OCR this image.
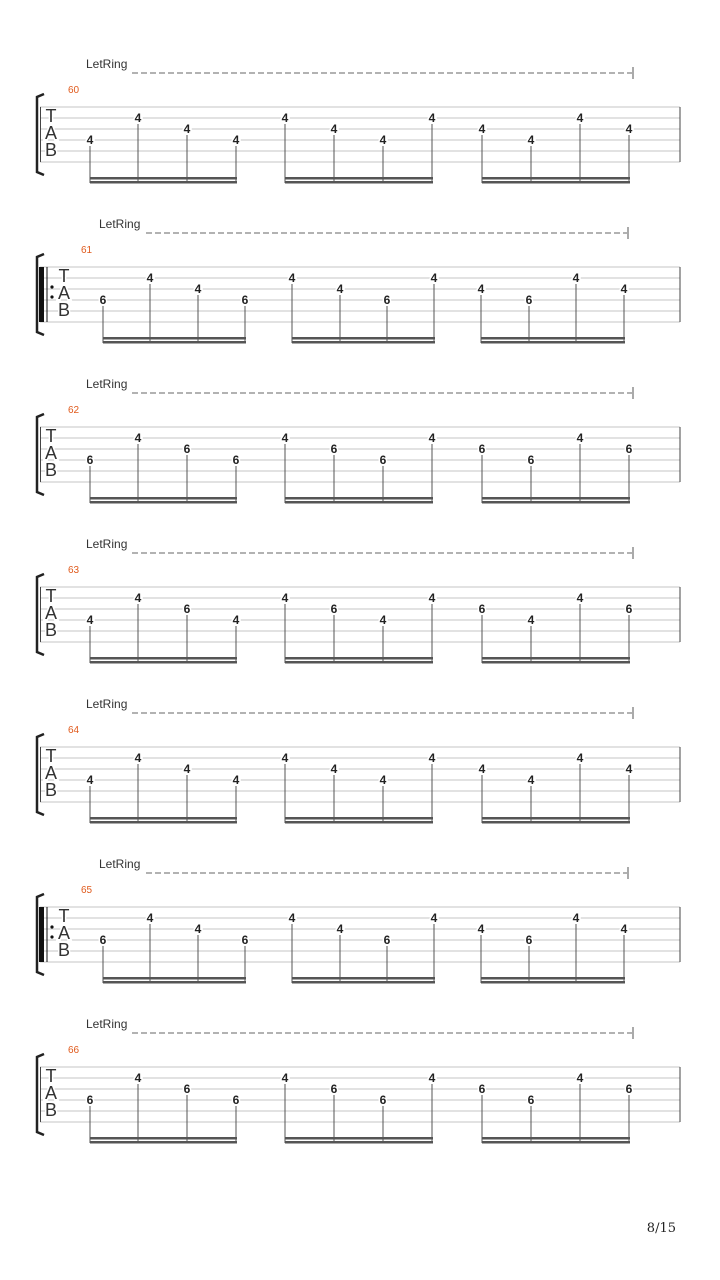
LetRing
60
T
A
B 4
4
4
4
4
4
4
4
4
4
4
4
LetRing
61
T
A
B 6
4
4
6
4
4
6
4
4
6
4
4
LetRing
62
T
A
B 6
4
6
6
4
6
6
4
6
6
4
6
LetRing
63
T
A
B 4
4
6
4
4
6
4
4
6
4
4
6
LetRing
64
T
A
B 4
4
4
4
4
4
4
4
4
4
4
4
LetRing
65
T
A
B 6
4
4
6
4
4
6
4
4
6
4
4
LetRing
66
T
A
B 6
4
6
6
4
6
6
4
6
6
4
6
8/15
